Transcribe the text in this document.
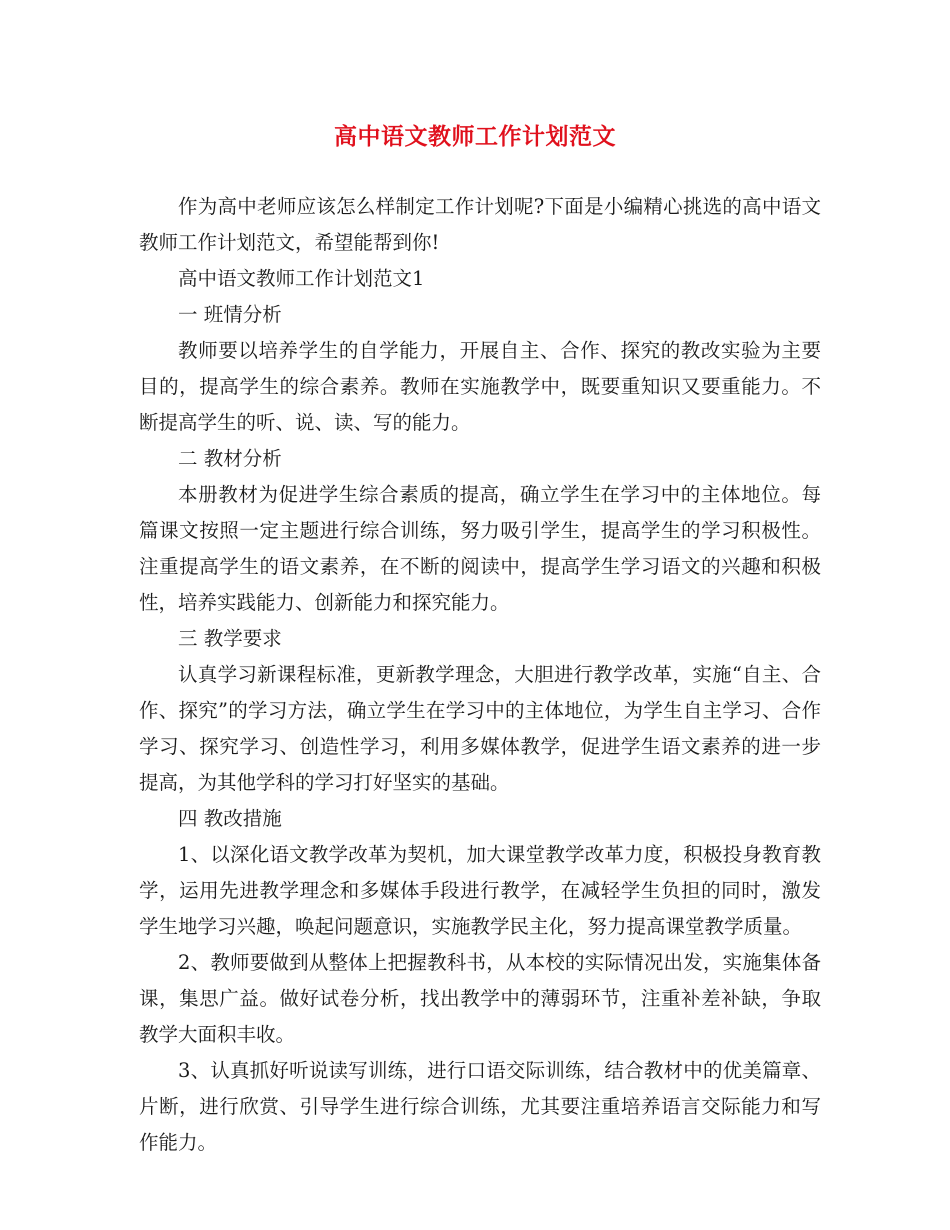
高中语文教师工作计划范文

作为高中老师应该怎么样制定工作计划呢?下面是小编精心挑选的高中语文教师工作计划范文，希望能帮到你!

高中语文教师工作计划范文1

一 班情分析

教师要以培养学生的自学能力，开展自主、合作、探究的教改实验为主要目的，提高学生的综合素养。教师在实施教学中，既要重知识又要重能力。不断提高学生的听、说、读、写的能力。

二 教材分析

本册教材为促进学生综合素质的提高，确立学生在学习中的主体地位。每篇课文按照一定主题进行综合训练，努力吸引学生，提高学生的学习积极性。注重提高学生的语文素养，在不断的阅读中，提高学生学习语文的兴趣和积极性，培养实践能力、创新能力和探究能力。

三 教学要求

认真学习新课程标准，更新教学理念，大胆进行教学改革，实施“自主、合作、探究”的学习方法，确立学生在学习中的主体地位，为学生自主学习、合作学习、探究学习、创造性学习，利用多媒体教学，促进学生语文素养的进一步提高，为其他学科的学习打好坚实的基础。

四 教改措施

1、以深化语文教学改革为契机，加大课堂教学改革力度，积极投身教育教学，运用先进教学理念和多媒体手段进行教学，在减轻学生负担的同时，激发学生地学习兴趣，唤起问题意识，实施教学民主化，努力提高课堂教学质量。

2、教师要做到从整体上把握教科书，从本校的实际情况出发，实施集体备课，集思广益。做好试卷分析，找出教学中的薄弱环节，注重补差补缺，争取教学大面积丰收。

3、认真抓好听说读写训练，进行口语交际训练，结合教材中的优美篇章、片断，进行欣赏、引导学生进行综合训练，尤其要注重培养语言交际能力和写作能力。
